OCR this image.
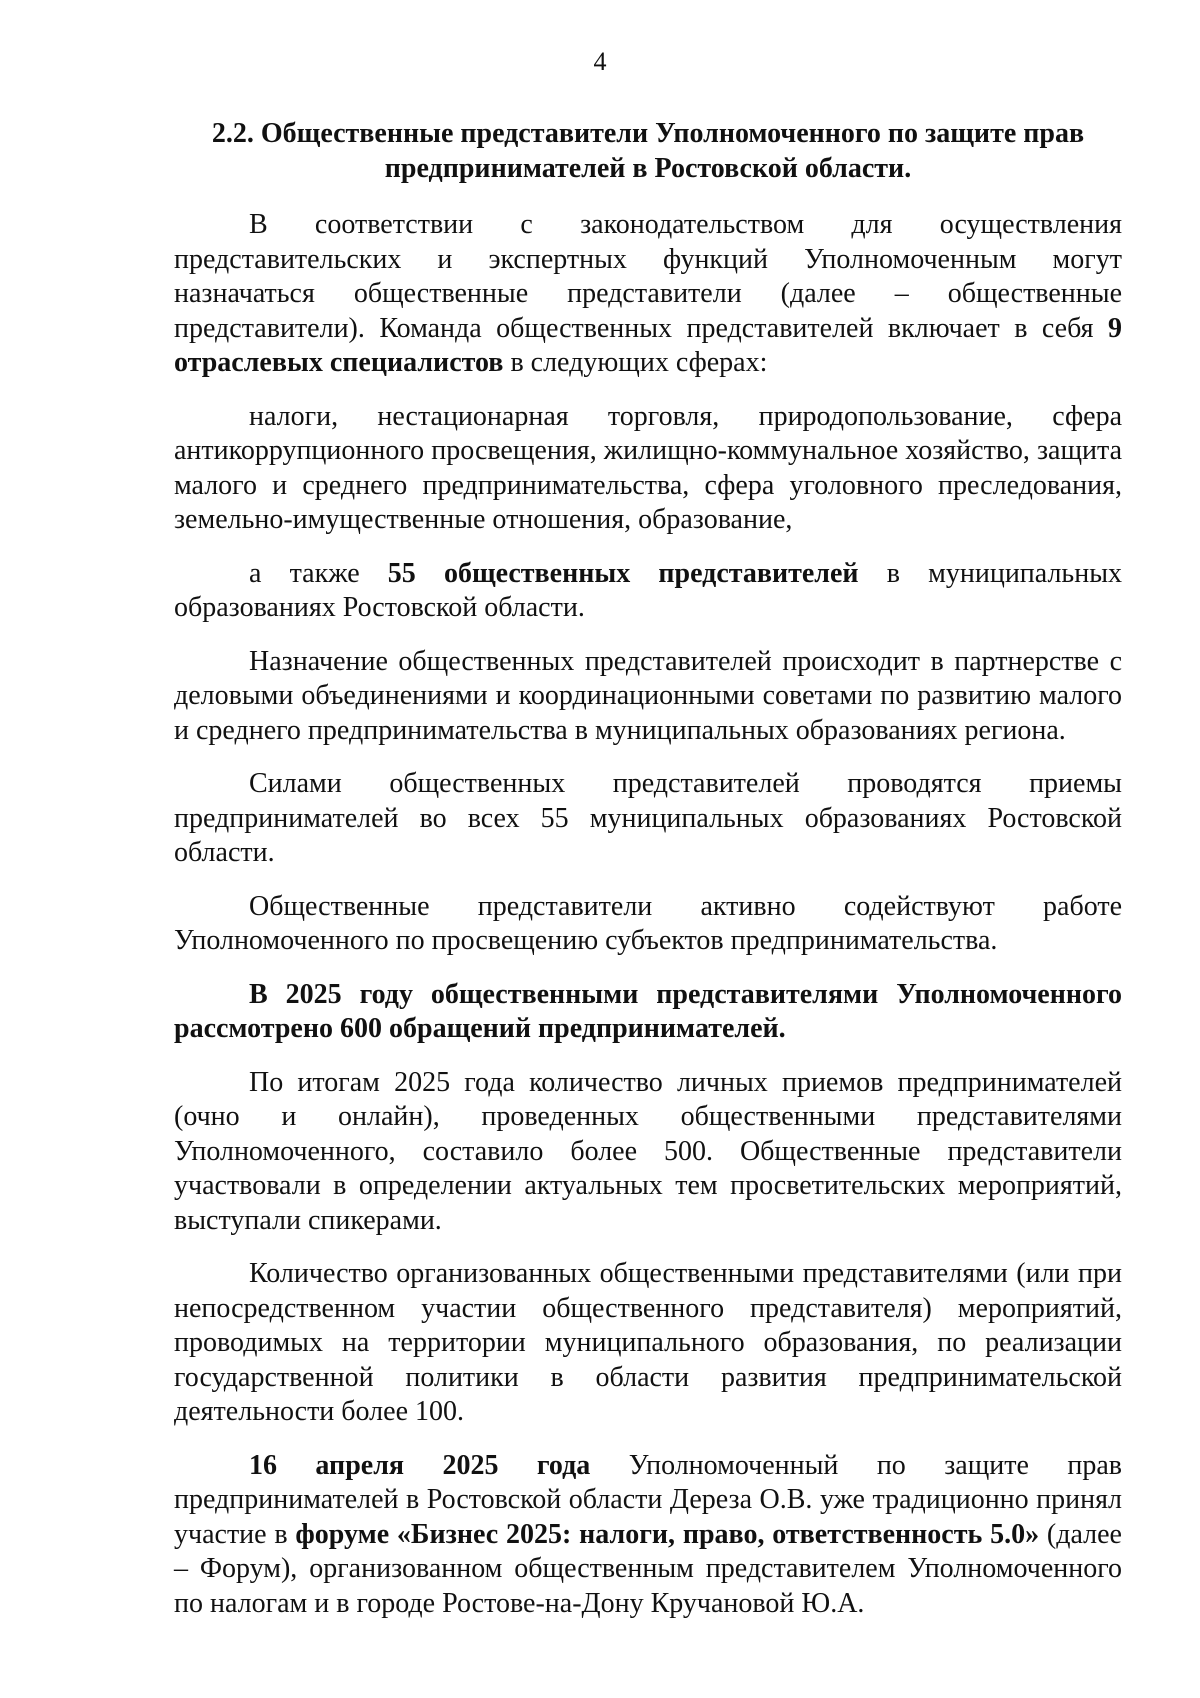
4
2.2. Общественные представители Уполномоченного по защите прав предпринимателей в Ростовской области.

В соответствии с законодательством для осуществления представительских и экспертных функций Уполномоченным могут назначаться общественные представители (далее – общественные представители). Команда общественных представителей включает в себя 9 отраслевых специалистов в следующих сферах:

налоги, нестационарная торговля, природопользование, сфера антикоррупционного просвещения, жилищно-коммунальное хозяйство, защита малого и среднего предпринимательства, сфера уголовного преследования, земельно-имущественные отношения, образование,

а также 55 общественных представителей в муниципальных образованиях Ростовской области.

Назначение общественных представителей происходит в партнерстве с деловыми объединениями и координационными советами по развитию малого и среднего предпринимательства в муниципальных образованиях региона.

Силами общественных представителей проводятся приемы предпринимателей во всех 55 муниципальных образованиях Ростовской области.

Общественные представители активно содействуют работе Уполномоченного по просвещению субъектов предпринимательства.

В 2025 году общественными представителями Уполномоченного рассмотрено 600 обращений предпринимателей.

По итогам 2025 года количество личных приемов предпринимателей (очно и онлайн), проведенных общественными представителями Уполномоченного, составило более 500. Общественные представители участвовали в определении актуальных тем просветительских мероприятий, выступали спикерами.

Количество организованных общественными представителями (или при непосредственном участии общественного представителя) мероприятий, проводимых на территории муниципального образования, по реализации государственной политики в области развития предпринимательской деятельности более 100.

16 апреля 2025 года Уполномоченный по защите прав предпринимателей в Ростовской области Дереза О.В. уже традиционно принял участие в форуме «Бизнес 2025: налоги, право, ответственность 5.0» (далее – Форум), организованном общественным представителем Уполномоченного по налогам и в городе Ростове-на-Дону Кручановой Ю.А.
